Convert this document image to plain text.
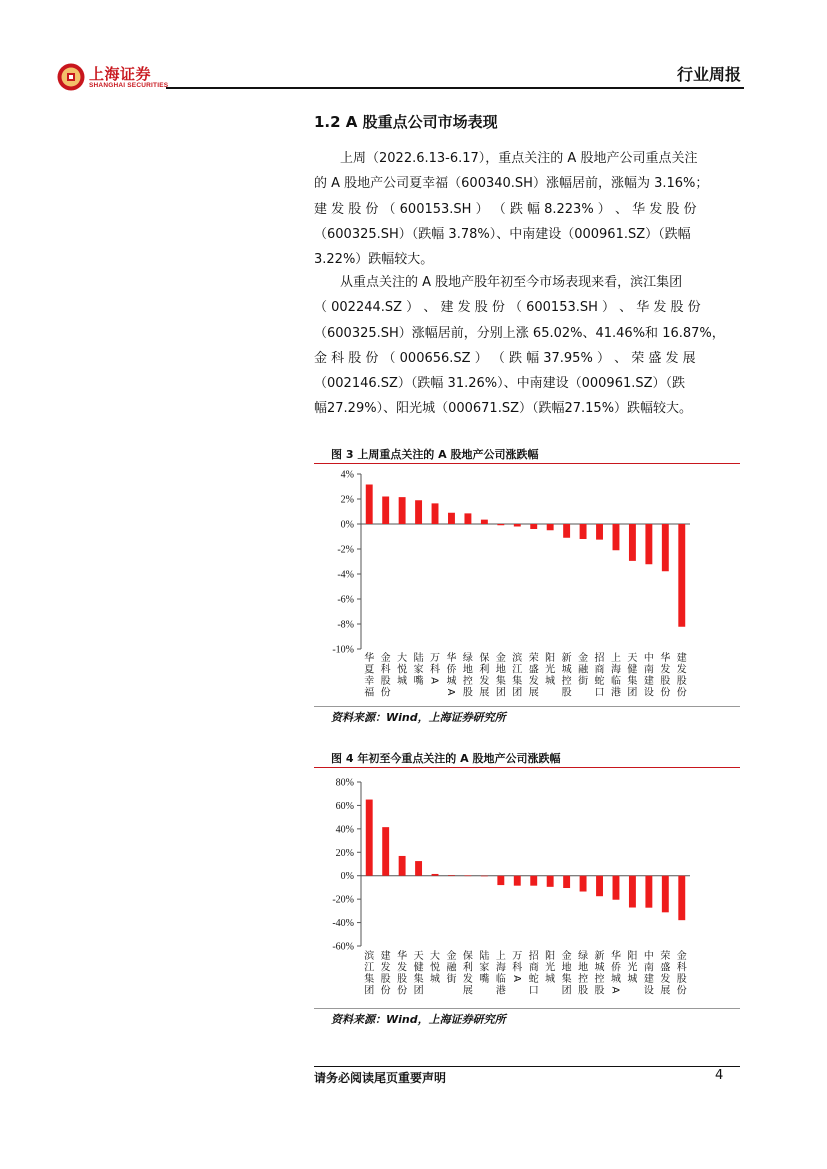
上海证券
SHANGHAI SECURITIES
行业周报
1.2 A 股重点公司市场表现
上周（2022.6.13-6.17），重点关注的 A 股地产公司重点关注
的 A 股地产公司夏幸福（600340.SH）涨幅居前，涨幅为 3.16%；
建 发 股 份 （ 600153.SH ） （ 跌 幅 8.223% ） 、 华 发 股 份
（600325.SH）（跌幅 3.78%）、中南建设（000961.SZ）（跌幅
3.22%）跌幅较大。
从重点关注的 A 股地产股年初至今市场表现来看，滨江集团
（ 002244.SZ ） 、 建 发 股 份 （ 600153.SH ） 、 华 发 股 份
（600325.SH）涨幅居前，分别上涨 65.02%、41.46%和 16.87%，
金 科 股 份 （ 000656.SZ ） （ 跌 幅 37.95% ） 、 荣 盛 发 展
（002146.SZ）（跌幅 31.26%）、中南建设（000961.SZ）（跌
幅27.29%）、阳光城（000671.SZ）（跌幅27.15%）跌幅较大。
图 3 上周重点关注的 A 股地产公司涨跌幅
4%
2%
0%
-2%
-4%
-6%
-8%
-10%
华
夏
幸
福
金
科
股
份
大
悦
城
陆
家
嘴
万
科
A
华
侨
城
A
绿
地
控
股
保
利
发
展
金
地
集
团
滨
江
集
团
荣
盛
发
展
阳
光
城
新
城
控
股
金
融
街
招
商
蛇
口
上
海
临
港
天
健
集
团
中
南
建
设
华
发
股
份
建
发
股
份
资料来源：Wind，上海证券研究所
图 4 年初至今重点关注的 A 股地产公司涨跌幅
80%
60%
40%
20%
0%
-20%
-40%
-60%
滨
江
集
团
建
发
股
份
华
发
股
份
天
健
集
团
大
悦
城
金
融
街
保
利
发
展
陆
家
嘴
上
海
临
港
万
科
A
招
商
蛇
口
阳
光
城
金
地
集
团
绿
地
控
股
新
城
控
股
华
侨
城
A
阳
光
城
中
南
建
设
荣
盛
发
展
金
科
股
份
资料来源：Wind，上海证券研究所
请务必阅读尾页重要声明	4
